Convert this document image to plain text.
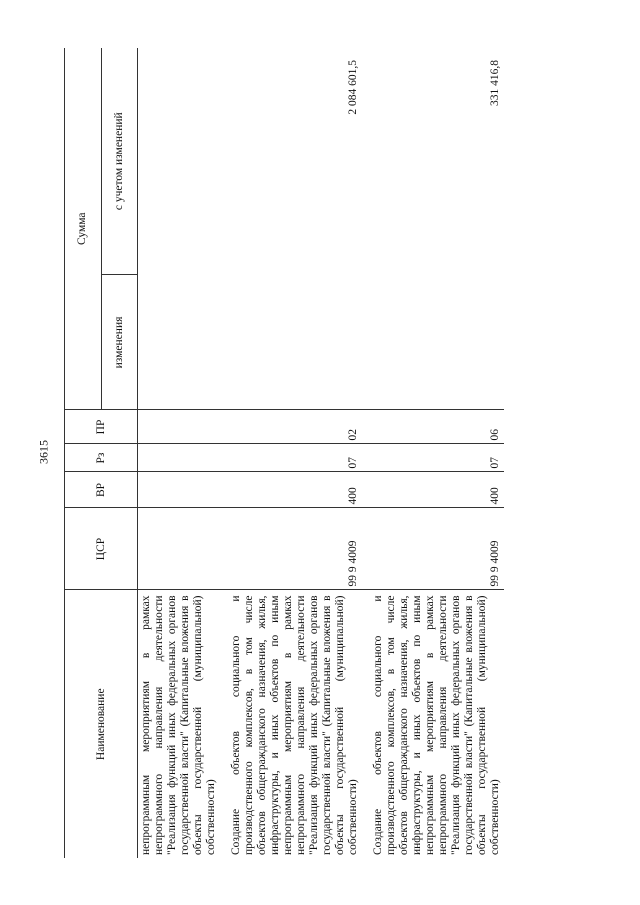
3615
Наименование	ЦСР	ВР	Рз	ПР	Сумма	
					изменения	с учетом изменений
непрограммным мероприятиям в рамках непрограммного направления деятельности "Реализация функций иных федеральных органов государственной власти" (Капитальные вложения в объекты государственной (муниципальной) собственности)						
Создание объектов социального и производственного комплексов, в том числе объектов общегражданского назначения, жилья, инфраструктуры, и иных объектов по иным непрограммным мероприятиям в рамках непрограммного направления деятельности "Реализация функций иных федеральных органов государственной власти" (Капитальные вложения в объекты государственной (муниципальной) собственности)	99 9 4009	400	07	02		2 084 601,5
Создание объектов социального и производственного комплексов, в том числе объектов общегражданского назначения, жилья, инфраструктуры, и иных объектов по иным непрограммным мероприятиям в рамках непрограммного направления деятельности "Реализация функций иных федеральных органов государственной власти" (Капитальные вложения в объекты государственной (муниципальной) собственности)	99 9 4009	400	07	06		331 416,8
